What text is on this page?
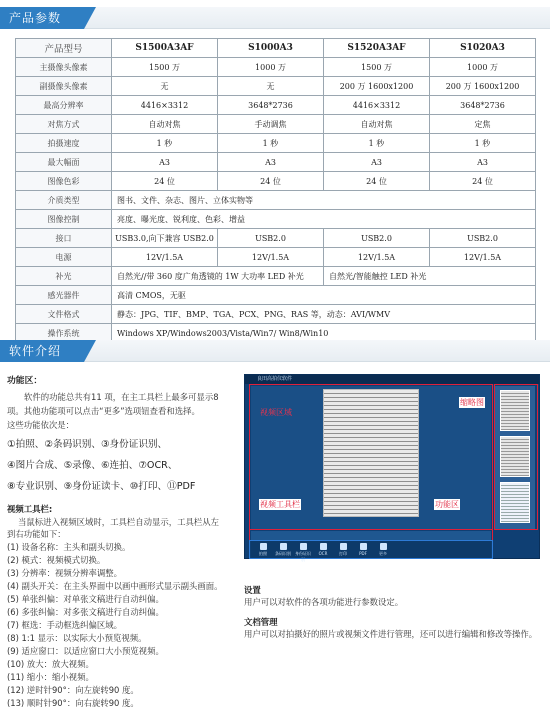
产品参数
产品型号	S1500A3AF	S1000A3	S1520A3AF	S1020A3
主摄像头像素	1500 万	1000 万	1500 万	1000 万
副摄像头像素	无	无	200 万 1600x1200	200 万 1600x1200
最高分辨率	4416×3312	3648*2736	4416×3312	3648*2736
对焦方式	自动对焦	手动调焦	自动对焦	定焦
拍摄速度	1 秒	1 秒	1 秒	1 秒
最大幅面	A3	A3	A3	A3
图像色彩	24 位	24 位	24 位	24 位
介质类型	图书、文件、杂志、图片、立体实物等			
图像控制	亮度、曝光度、锐利度、色彩、增益			
接口	USB3.0,向下兼容 USB2.0	USB2.0	USB2.0	USB2.0
电源	12V/1.5A	12V/1.5A	12V/1.5A	12V/1.5A
补光	自然光//带 360 度广角透镜的 1W 大功率 LED 补光		自然光/智能触控 LED 补光	
感光器件	高清 CMOS，无驱			
文件格式	静态：JPG、TIF、BMP、TGA、PCX、PNG、RAS 等，动态：AVI/WMV			
操作系统	Windows XP/Windows2003/Vista/Win7/ Win8/Win10			
软件介绍
功能区：
软件的功能总共有11 项，在主工具栏上最多可显示8
项。其他功能项可以点击“更多”选项钮查看和选择。
这些功能依次是：
①拍照、②条码识别、③身份证识别、
④图片合成、⑤录像、⑥连拍、⑦OCR、
⑧专业识别、⑨身份证读卡、⑩打印、⑪PDF
视频工具栏:
当鼠标进入视频区域时，工具栏自动显示，工具栏从左
到右功能如下：
(1) 设备名称：主头和副头切换。
(2) 模式：视频模式切换。
(3) 分辨率：视频分辨率调整。
(4) 副头开关：在主头界面中以画中画形式显示副头画面。
(5) 单张纠偏：对单张文稿进行自动纠偏。
(6) 多张纠偏：对多张文稿进行自动纠偏。
(7) 框选：手动框选纠偏区域。
(8) 1:1 显示：以实际大小预览视频。
(9) 适应窗口：以适应窗口大小预览视频。
(10) 放大：放大视频。
(11) 缩小：缩小视频。
(12) 逆时针90°：向左旋转90 度。
(13) 顺时针90°：向右旋转90 度。
良田高拍仪软件
拍照	条码识别 身份证识别
OCR	打印	PDF	更多
视频区域
缩略图
视频工具栏	功能区
设置
用户可以对软件的各项功能进行参数设定。
文档管理
用户可以对拍摄好的照片或视频文件进行管理，还可以进行编辑和修改等操作。
